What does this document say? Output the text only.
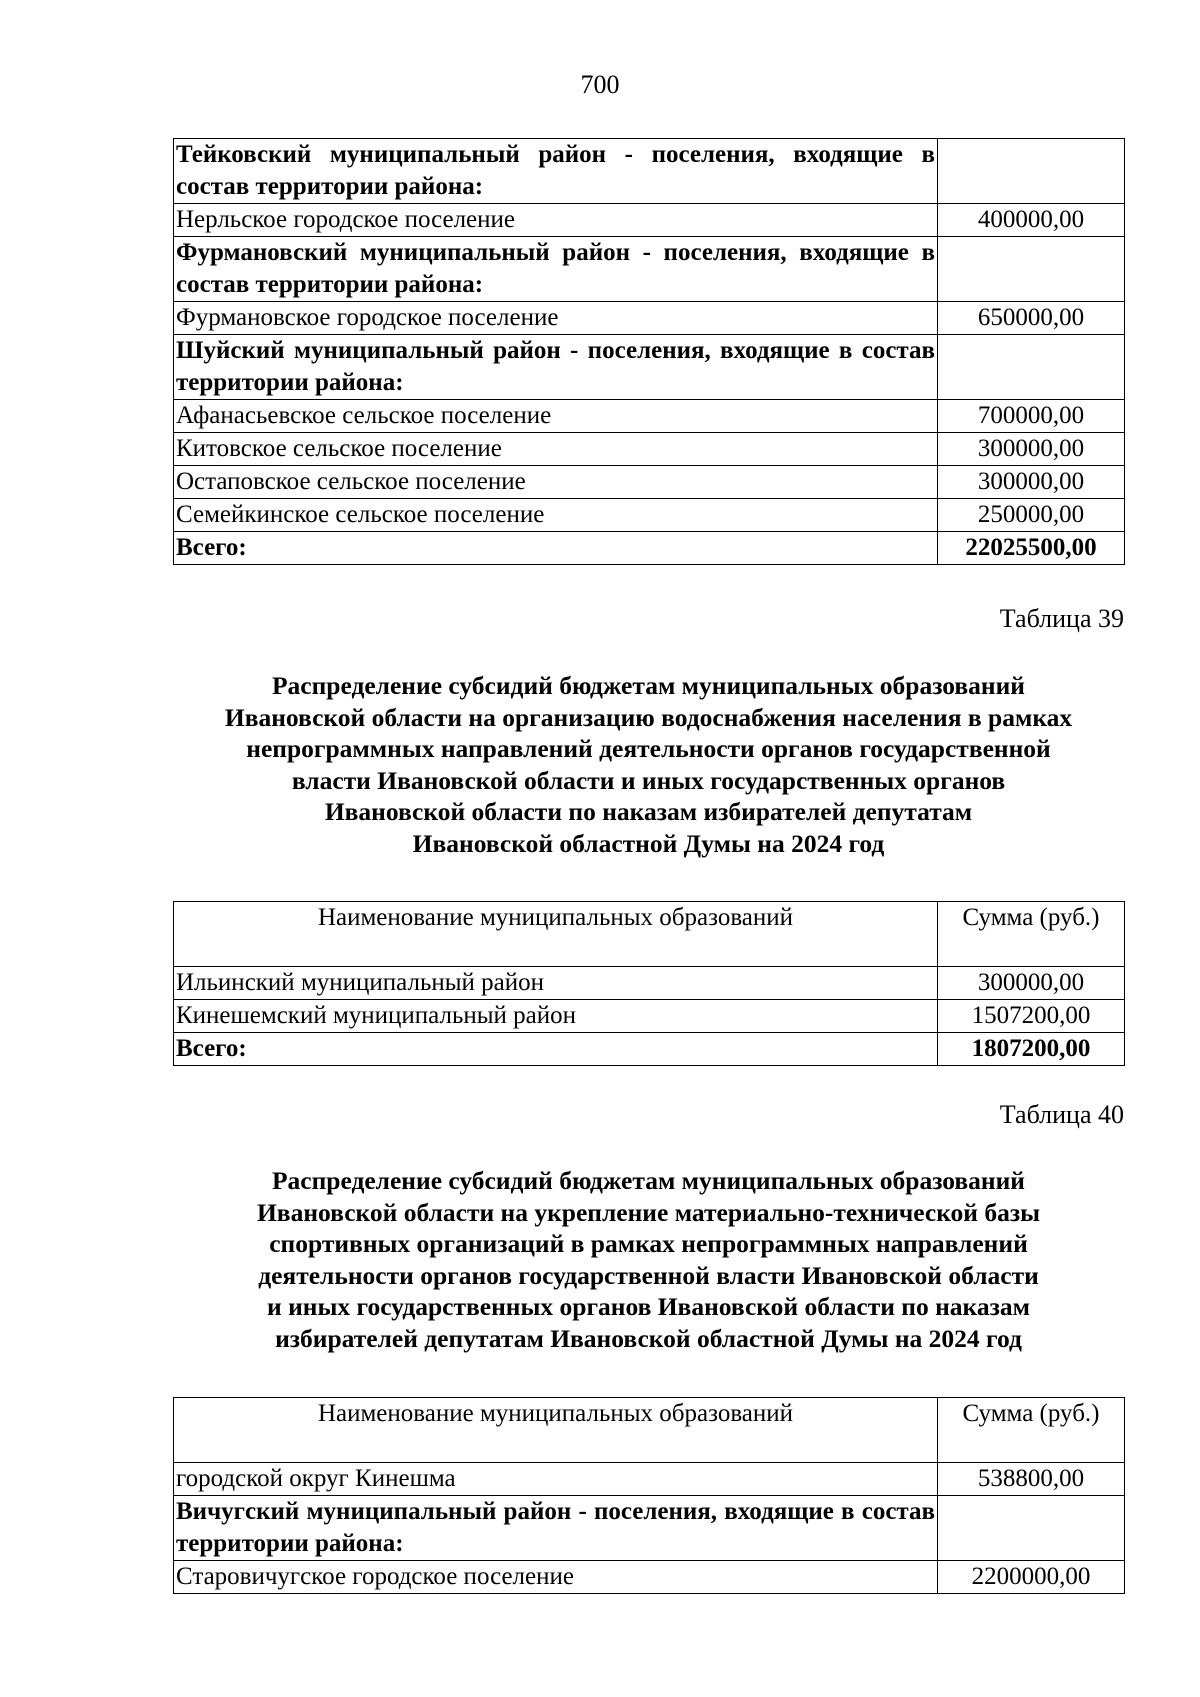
700
Тейковский муниципальный район - поселения, входящие в состав территории района:	
Нерльское городское поселение	400000,00
Фурмановский муниципальный район - поселения, входящие в состав территории района:	
Фурмановское городское поселение	650000,00
Шуйский муниципальный район - поселения, входящие в состав территории района:	
Афанасьевское сельское поселение	700000,00
Китовское сельское поселение	300000,00
Остаповское сельское поселение	300000,00
Семейкинское сельское поселение	250000,00
Всего:	22025500,00
Таблица 39
Распределение субсидий бюджетам муниципальных образований
Ивановской области на организацию водоснабжения населения в рамках
непрограммных направлений деятельности органов государственной
власти Ивановской области и иных государственных органов
Ивановской области по наказам избирателей депутатам
Ивановской областной Думы на 2024 год
Наименование муниципальных образований	Сумма (руб.)
Ильинский муниципальный район	300000,00
Кинешемский муниципальный район	1507200,00
Всего:	1807200,00
Таблица 40
Распределение субсидий бюджетам муниципальных образований
Ивановской области на укрепление материально-технической базы
спортивных организаций в рамках непрограммных направлений
деятельности органов государственной власти Ивановской области
и иных государственных органов Ивановской области по наказам
избирателей депутатам Ивановской областной Думы на 2024 год
Наименование муниципальных образований	Сумма (руб.)
городской округ Кинешма	538800,00
Вичугский муниципальный район - поселения, входящие в состав территории района:	
Старовичугское городское поселение	2200000,00
